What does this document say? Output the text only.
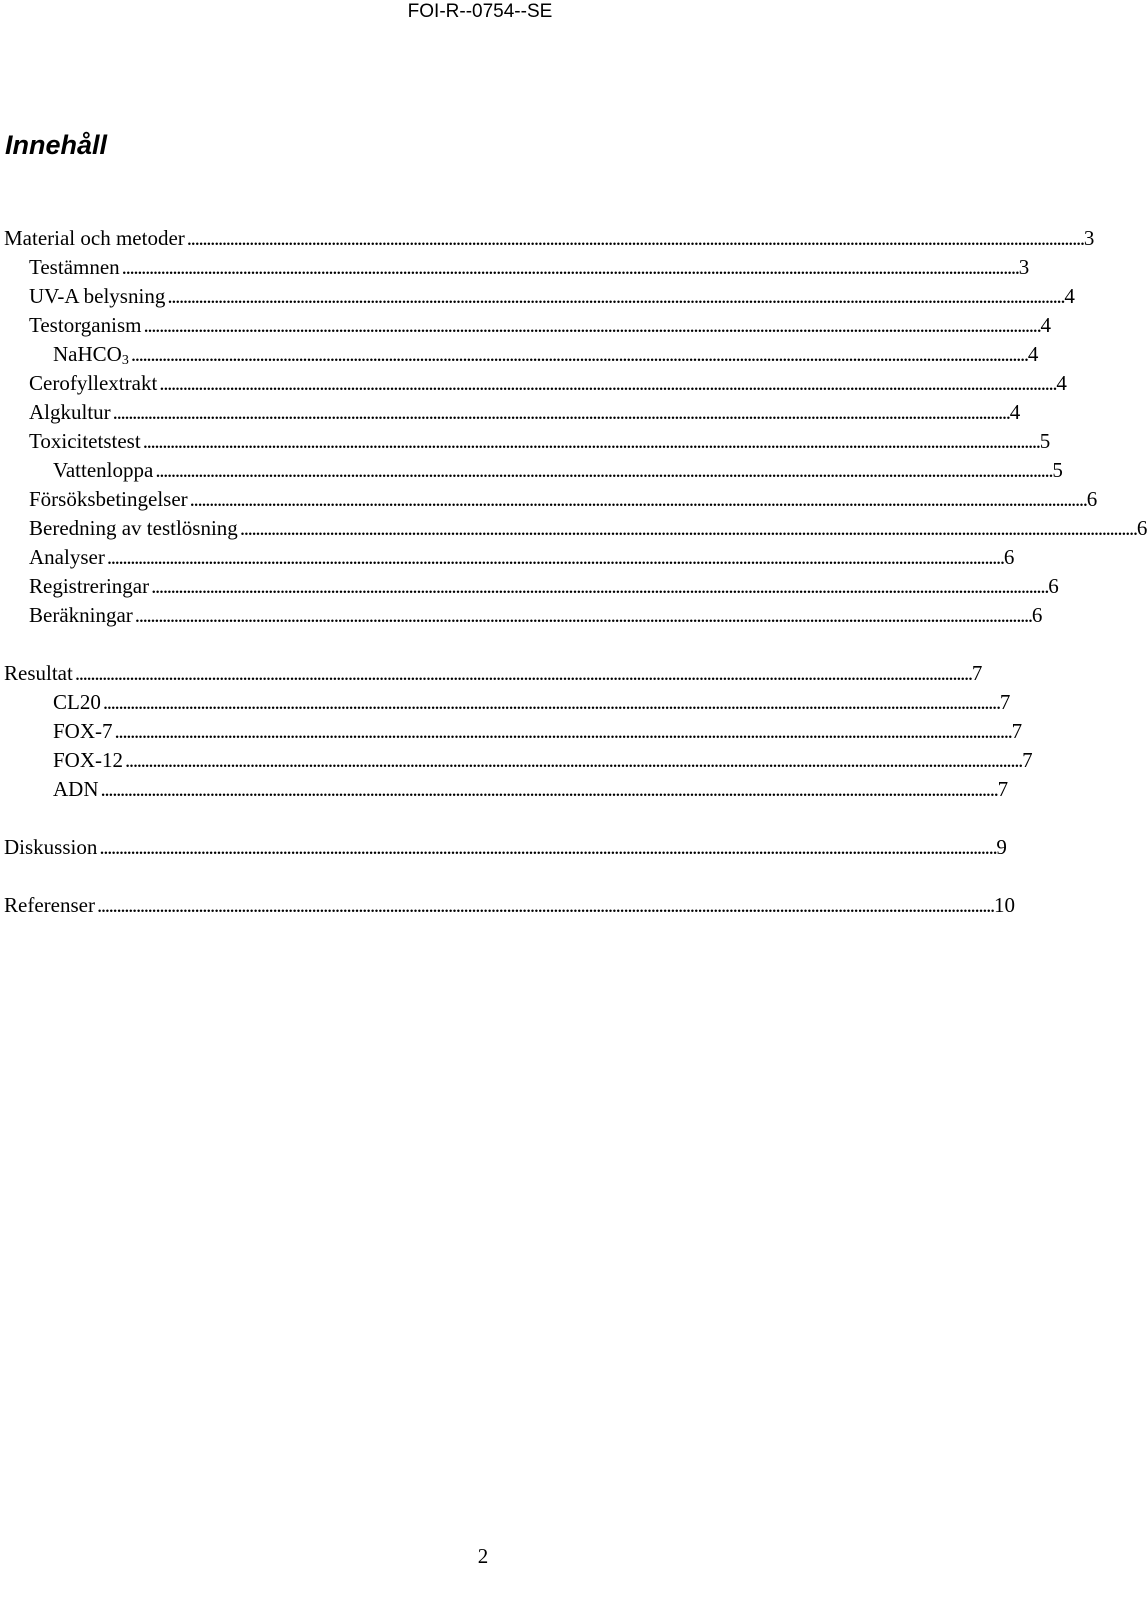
FOI-R--0754--SE
Innehåll
Material och metoder . . .	3
Testämnen . . .	3
UV-A belysning . . .	4
Testorganism . . .	4
NaHCO$_3$ . . .	4
Cerofyllextrakt . . .	4
Algkultur . . .	4
Toxicitetstest . . .	5
Vattenloppa . . .	5
Försöksbetingelser . . .	6
Beredning av testlösning . . .	6
Analyser . . .	6
Registreringar . . .	6
Beräkningar . . .	6
Resultat . . .	7
CL20 . . .	7
FOX-7 . . .	7
FOX-12 . . .	7
ADN . . .	7
Diskussion . . .	9
Referenser . . .	10
2
